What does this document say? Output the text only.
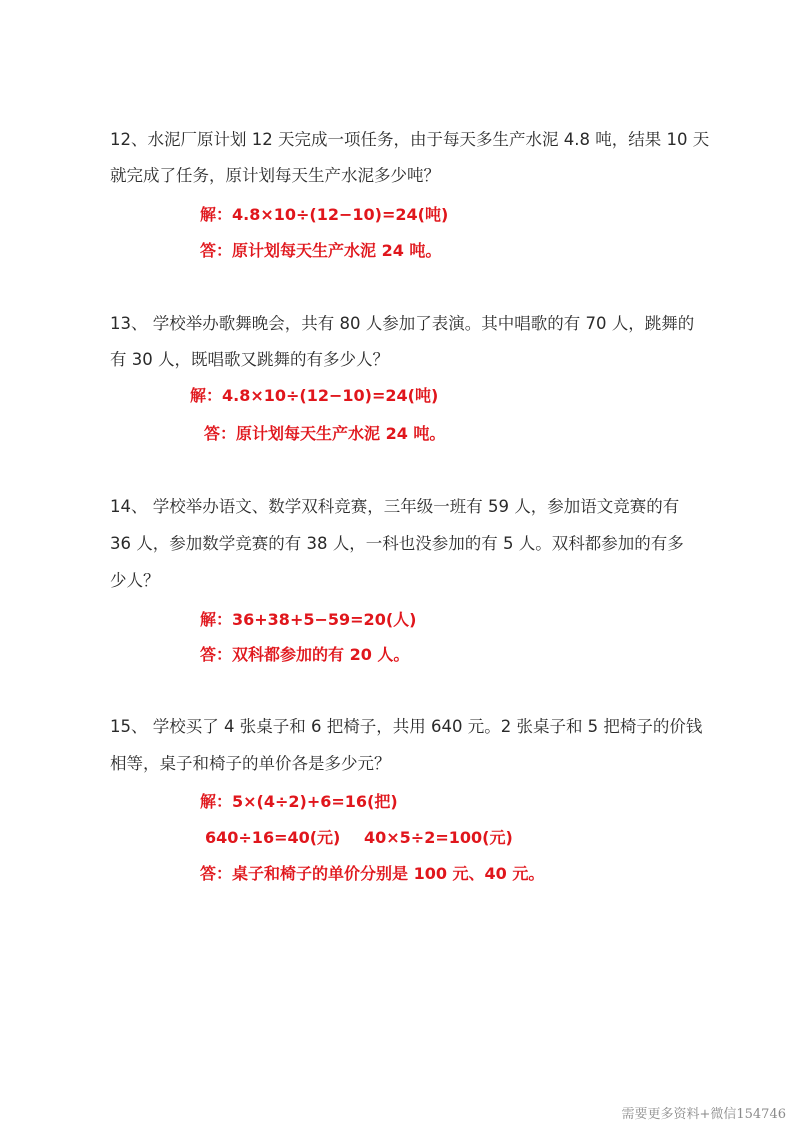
12、水泥厂原计划 12 天完成一项任务，由于每天多生产水泥 4.8 吨，结果 10 天
就完成了任务，原计划每天生产水泥多少吨？
解：4.8×10÷(12−10)=24(吨)
答：原计划每天生产水泥 24 吨。
13、 学校举办歌舞晚会，共有 80 人参加了表演。其中唱歌的有 70 人，跳舞的
有 30 人，既唱歌又跳舞的有多少人？
解：4.8×10÷(12−10)=24(吨)
答：原计划每天生产水泥 24 吨。
14、 学校举办语文、数学双科竞赛，三年级一班有 59 人，参加语文竞赛的有
36 人，参加数学竞赛的有 38 人，一科也没参加的有 5 人。双科都参加的有多
少人？
解：36+38+5−59=20(人)
答：双科都参加的有 20 人。
15、 学校买了 4 张桌子和 6 把椅子，共用 640 元。2 张桌子和 5 把椅子的价钱
相等，桌子和椅子的单价各是多少元？
解：5×(4÷2)+6=16(把)
640÷16=40(元) 40×5÷2=100(元)
答：桌子和椅子的单价分别是 100 元、40 元。
需要更多资料+微信154746
